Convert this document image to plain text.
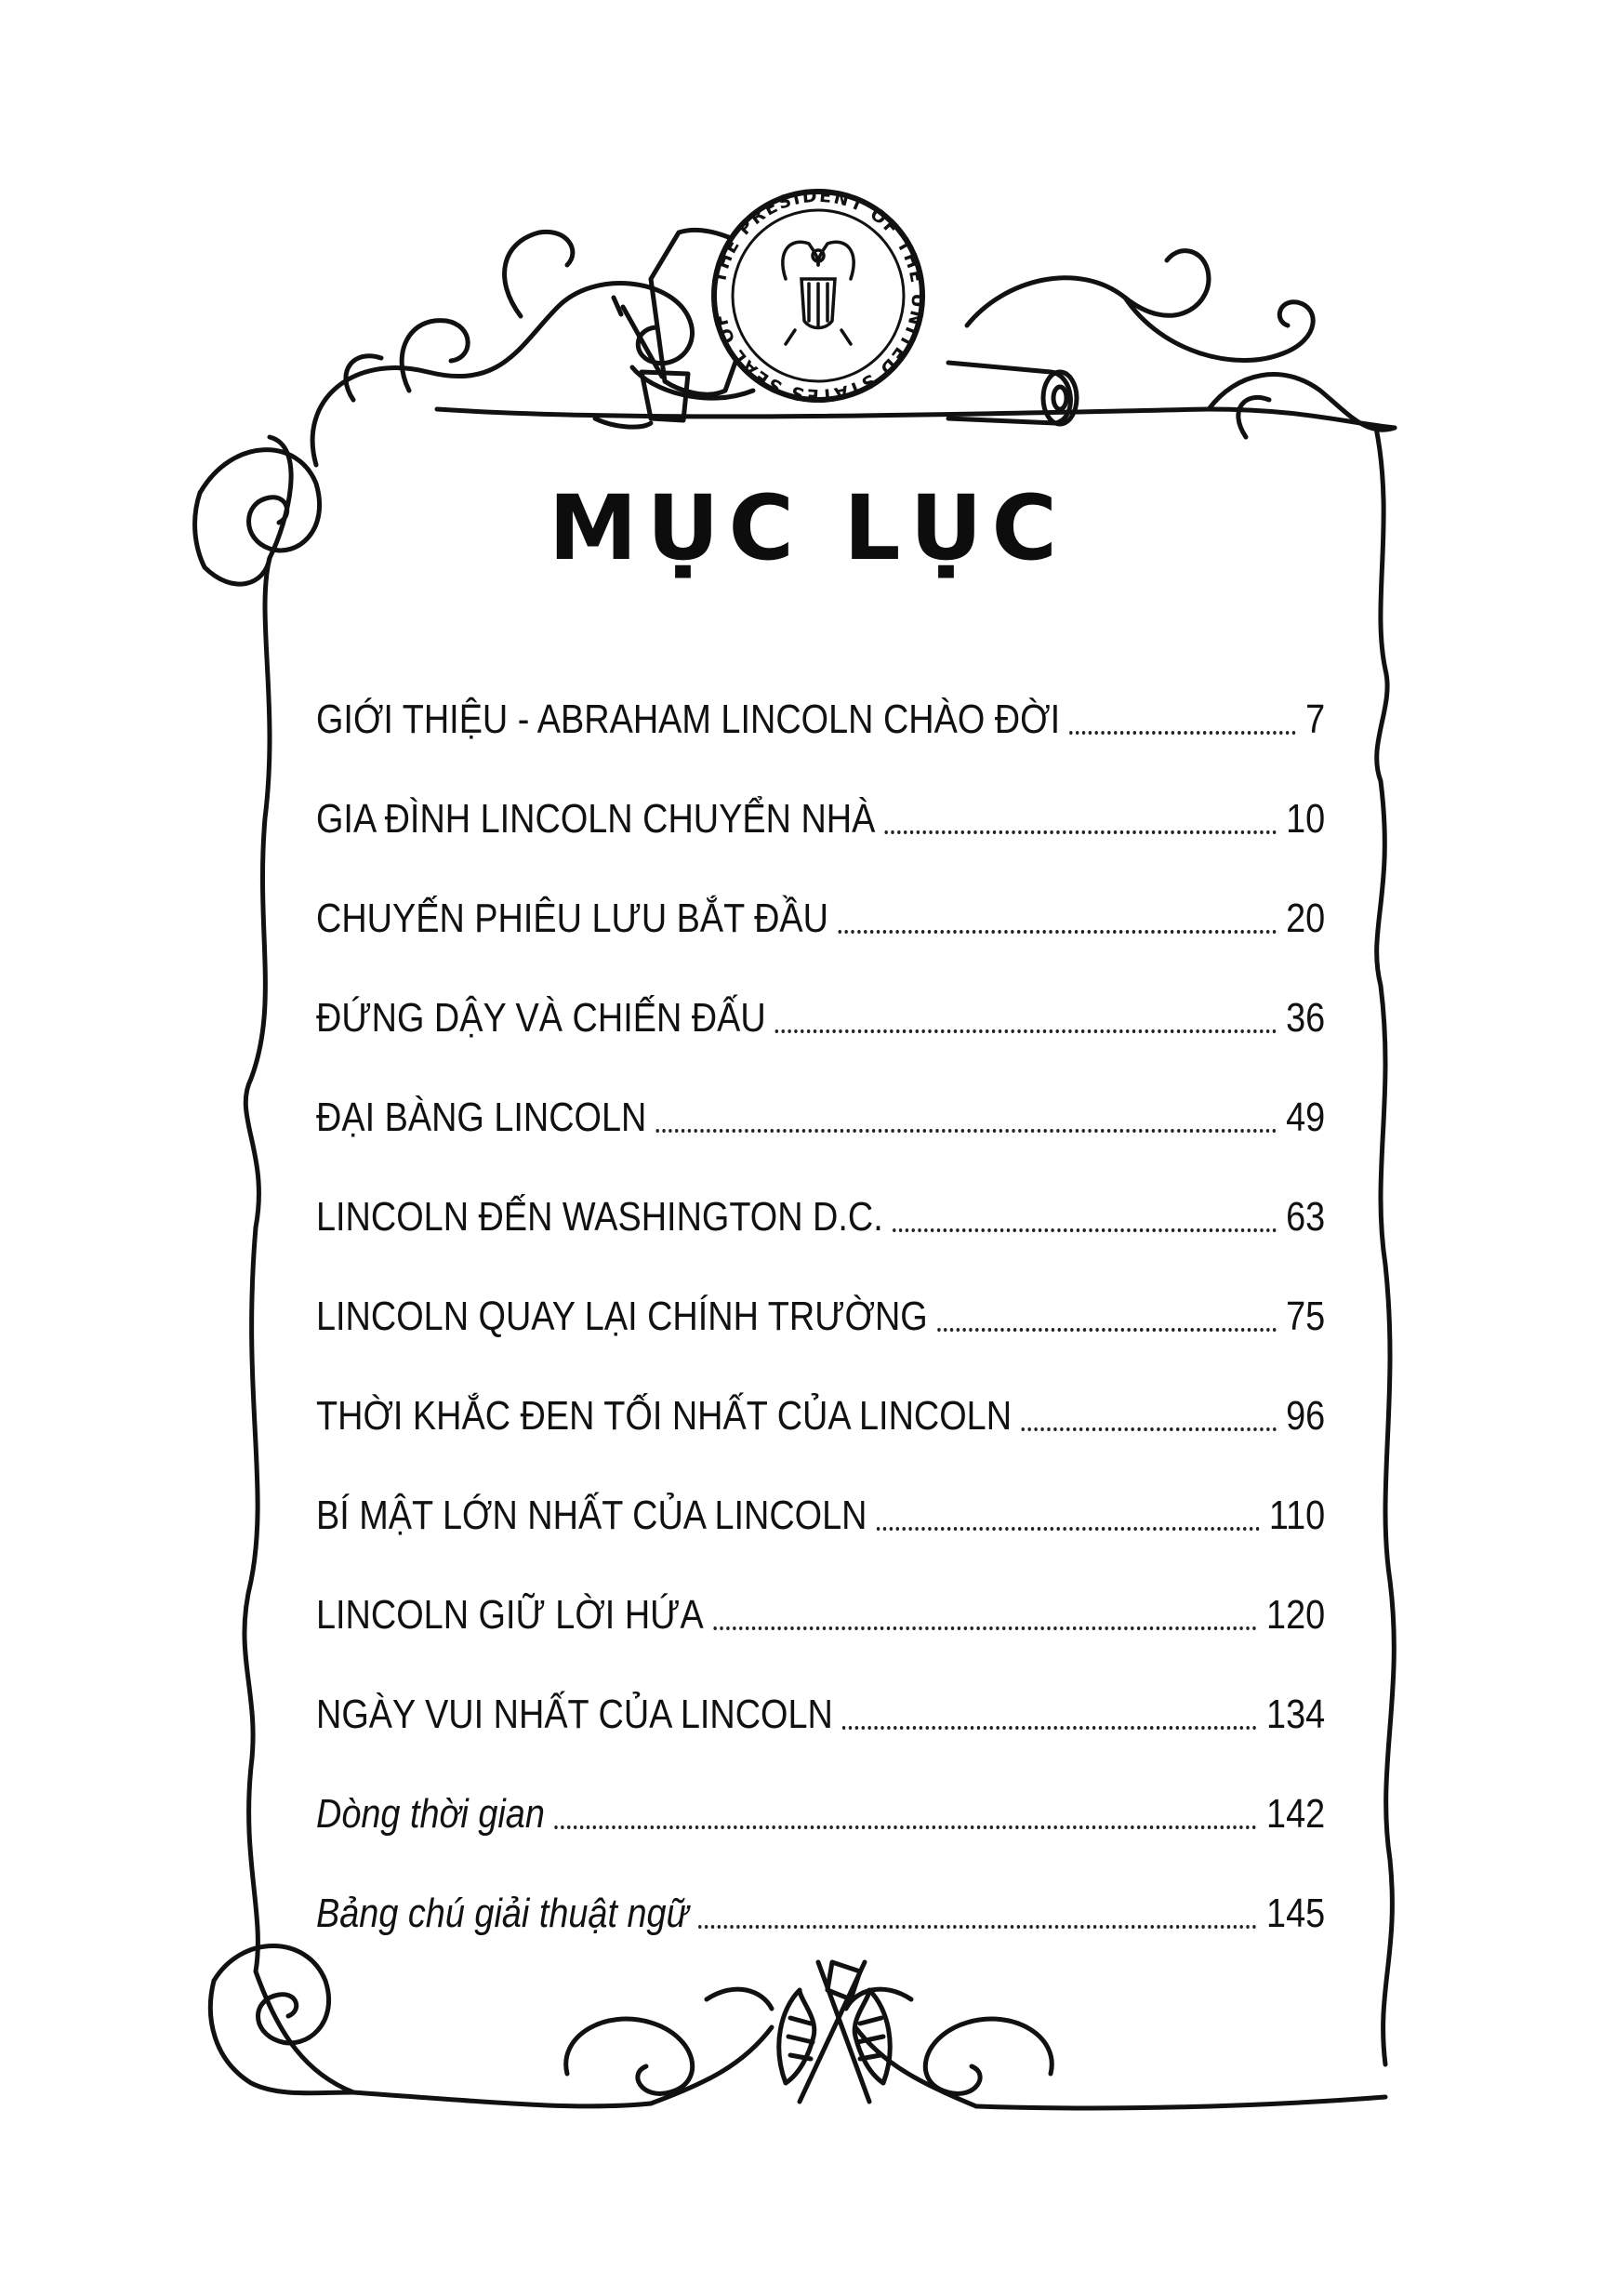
THE PRESIDENT OF THE UNITED STATES SEAL OF
MỤC LỤC
GIỚI THIỆU - ABRAHAM LINCOLN CHÀO ĐỜI	7
GIA ĐÌNH LINCOLN CHUYỂN NHÀ	10
CHUYẾN PHIÊU LƯU BẮT ĐẦU	20
ĐỨNG DẬY VÀ CHIẾN ĐẤU	36
ĐẠI BÀNG LINCOLN	49
LINCOLN ĐẾN WASHINGTON D.C.	63
LINCOLN QUAY LẠI CHÍNH TRƯỜNG	75
THỜI KHẮC ĐEN TỐI NHẤT CỦA LINCOLN	96
BÍ MẬT LỚN NHẤT CỦA LINCOLN	110
LINCOLN GIỮ LỜI HỨA	120
NGÀY VUI NHẤT CỦA LINCOLN	134
Dòng thời gian	142
Bảng chú giải thuật ngữ	145
